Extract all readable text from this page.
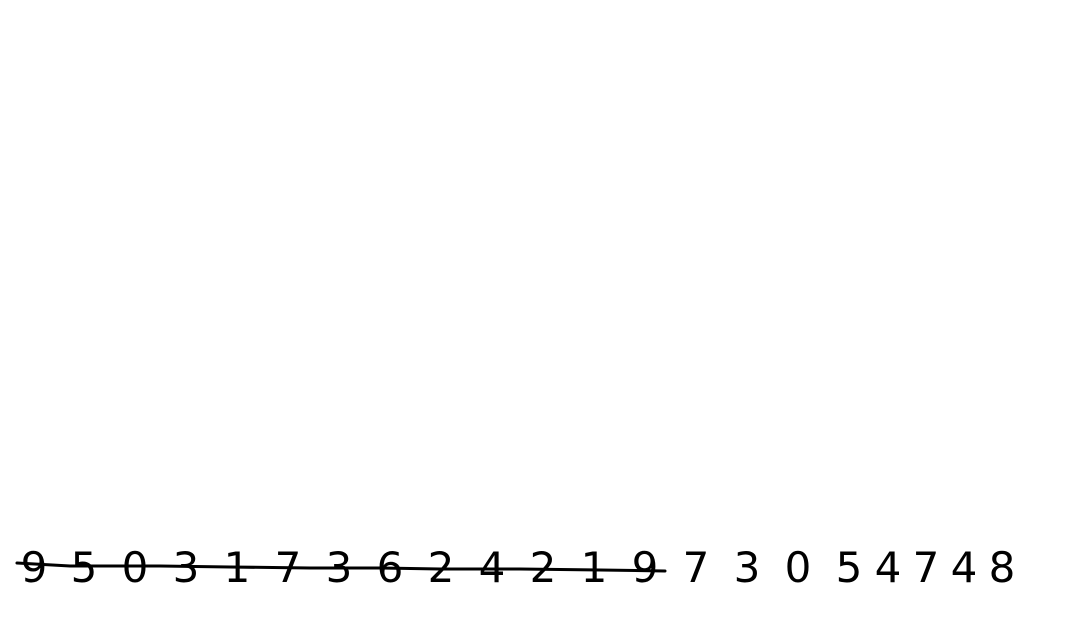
9 5 0 3 1 7 3 6 2 4 2 1 9 7 3 0 5 4 7 4 8
